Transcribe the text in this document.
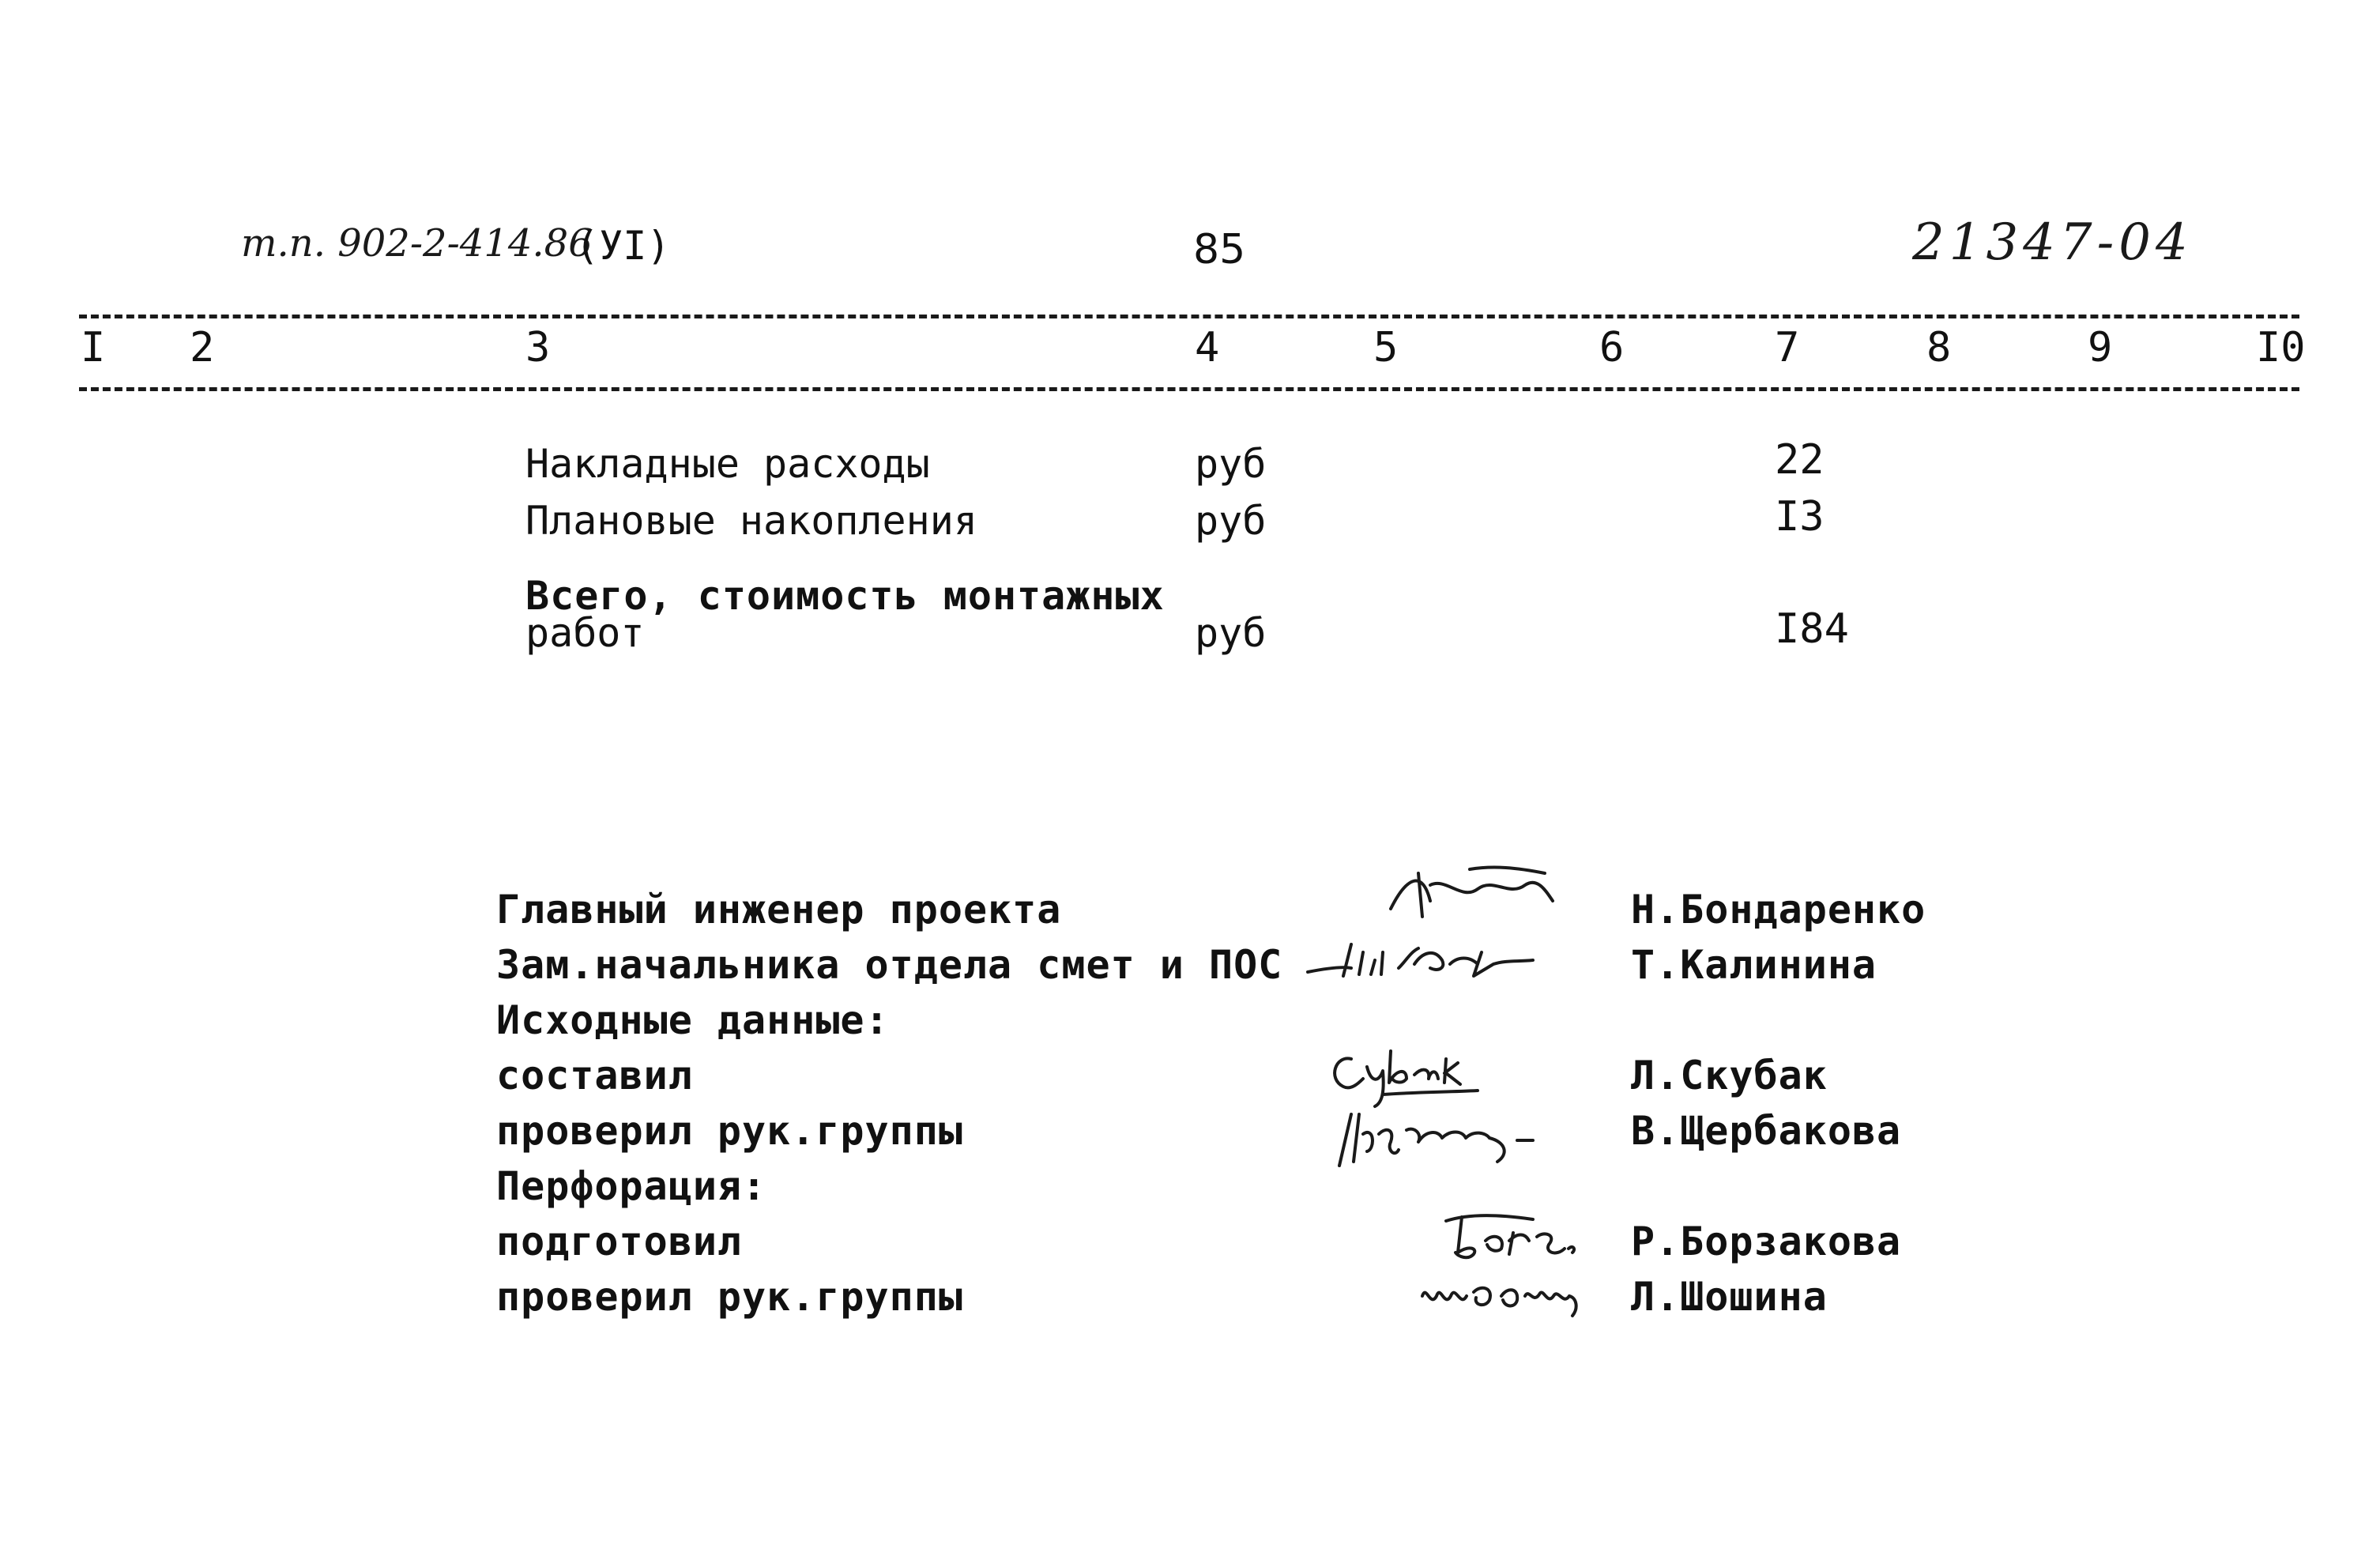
т.п. 902-2-414.86
(УI)	85	21347-04
I 2	3	4	5	6	7	8	9	I0
Накладные расходы	руб	22
Плановые накопления	руб	I3
Всего, стоимость монтажных
работ	руб	I84
Главный инженер проекта	Н.Бондаренко
Зам.начальника отдела смет и ПОС	Т.Калинина
Исходные данные:
составил	Л.Скубак
проверил рук.группы	В.Щербакова
Перфорация:
подготовил	Р.Борзакова
проверил рук.группы	Л.Шошина
